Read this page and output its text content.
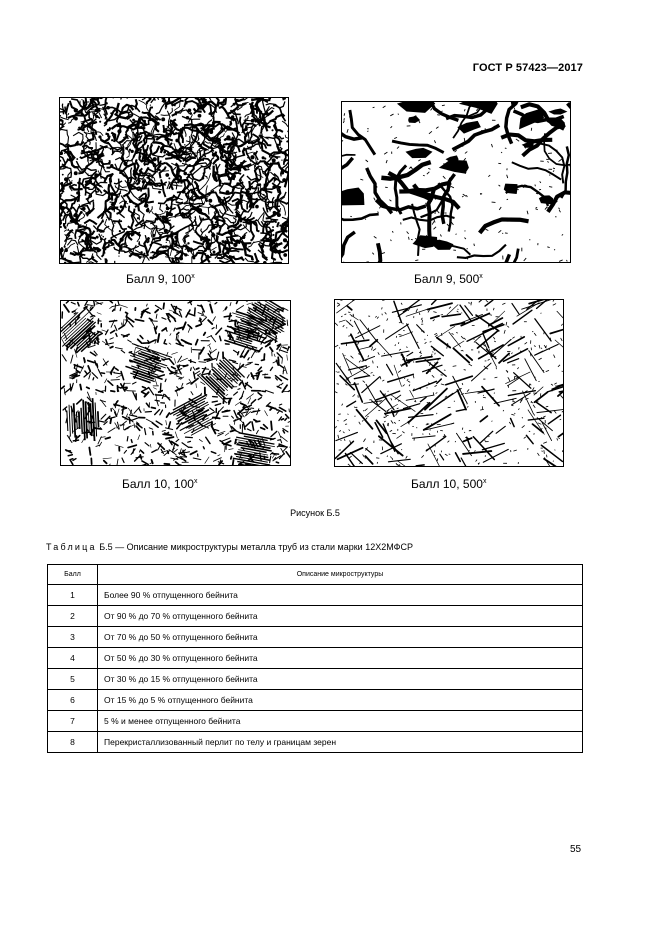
ГОСТ Р 57423—2017
Балл 9, 100$^x$	Балл 9, 500$^x$
Балл 10, 100$^x$	Балл 10, 500$^x$
Рисунок Б.5
Таблица Б.5 — Описание микроструктуры металла труб из стали марки 12Х2МФСР
Балл	Описание микроструктуры
1	Более 90 % отпущенного бейнита
2	От 90 % до 70 % отпущенного бейнита
3	От 70 % до 50 % отпущенного бейнита
4	От 50 % до 30 % отпущенного бейнита
5	От 30 % до 15 % отпущенного бейнита
6	От 15 % до 5 % отпущенного бейнита
7	5 % и менее отпущенного бейнита
8	Перекристаллизованный перлит по телу и границам зерен
55
